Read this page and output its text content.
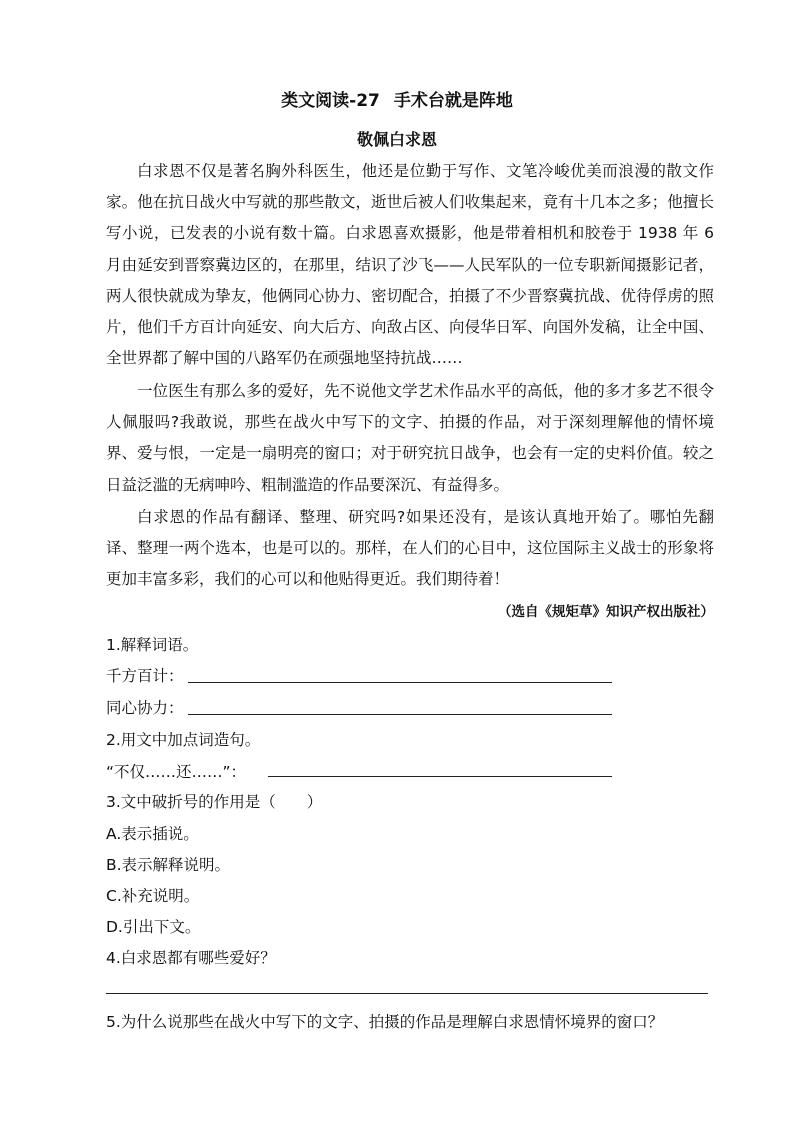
类文阅读-27 手术台就是阵地
敬佩白求恩
白求恩不仅是著名胸外科医生，他还是位勤于写作、文笔冷峻优美而浪漫的散文作家。他在抗日战火中写就的那些散文，逝世后被人们收集起来，竟有十几本之多；他擅长写小说，已发表的小说有数十篇。白求恩喜欢摄影，他是带着相机和胶卷于 1938 年 6 月由延安到晋察冀边区的，在那里，结识了沙飞——人民军队的一位专职新闻摄影记者，两人很快就成为挚友，他俩同心协力、密切配合，拍摄了不少晋察冀抗战、优待俘虏的照片，他们千方百计向延安、向大后方、向敌占区、向侵华日军、向国外发稿，让全中国、全世界都了解中国的八路军仍在顽强地坚持抗战……
一位医生有那么多的爱好，先不说他文学艺术作品水平的高低，他的多才多艺不很令人佩服吗?我敢说，那些在战火中写下的文字、拍摄的作品，对于深刻理解他的情怀境界、爱与恨，一定是一扇明亮的窗口；对于研究抗日战争，也会有一定的史料价值。较之日益泛滥的无病呻吟、粗制滥造的作品要深沉、有益得多。
白求恩的作品有翻译、整理、研究吗?如果还没有，是该认真地开始了。哪怕先翻译、整理一两个选本，也是可以的。那样，在人们的心目中，这位国际主义战士的形象将更加丰富多彩，我们的心可以和他贴得更近。我们期待着！
（选自《规矩草》知识产权出版社）
1.解释词语。
千方百计：
同心协力：
2.用文中加点词造句。
“不仅……还……”：
3.文中破折号的作用是（　　）
A.表示插说。
B.表示解释说明。
C.补充说明。
D.引出下文。
4.白求恩都有哪些爱好？
5.为什么说那些在战火中写下的文字、拍摄的作品是理解白求恩情怀境界的窗口？
